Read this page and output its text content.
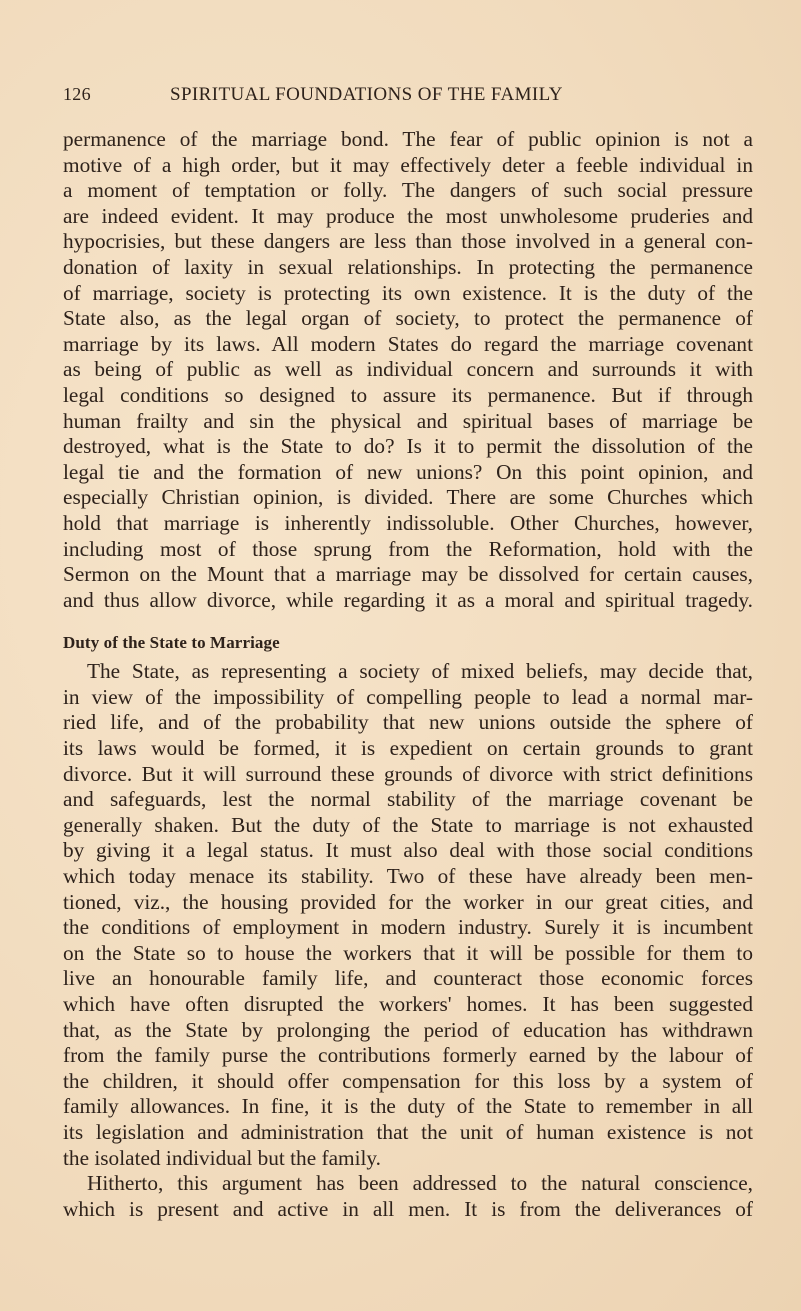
126	SPIRITUAL FOUNDATIONS OF THE FAMILY

permanence of the marriage bond. The fear of public opinion is not a
motive of a high order, but it may effectively deter a feeble individual in
a moment of temptation or folly. The dangers of such social pressure
are indeed evident. It may produce the most unwholesome pruderies and
hypocrisies, but these dangers are less than those involved in a general con-
donation of laxity in sexual relationships. In protecting the permanence
of marriage, society is protecting its own existence. It is the duty of the
State also, as the legal organ of society, to protect the permanence of
marriage by its laws. All modern States do regard the marriage covenant
as being of public as well as individual concern and surrounds it with
legal conditions so designed to assure its permanence. But if through
human frailty and sin the physical and spiritual bases of marriage be
destroyed, what is the State to do? Is it to permit the dissolution of the
legal tie and the formation of new unions? On this point opinion, and
especially Christian opinion, is divided. There are some Churches which
hold that marriage is inherently indissoluble. Other Churches, however,
including most of those sprung from the Reformation, hold with the
Sermon on the Mount that a marriage may be dissolved for certain causes,
and thus allow divorce, while regarding it as a moral and spiritual tragedy.

Duty of the State to Marriage

The State, as representing a society of mixed beliefs, may decide that,
in view of the impossibility of compelling people to lead a normal mar-
ried life, and of the probability that new unions outside the sphere of
its laws would be formed, it is expedient on certain grounds to grant
divorce. But it will surround these grounds of divorce with strict definitions
and safeguards, lest the normal stability of the marriage covenant be
generally shaken. But the duty of the State to marriage is not exhausted
by giving it a legal status. It must also deal with those social conditions
which today menace its stability. Two of these have already been men-
tioned, viz., the housing provided for the worker in our great cities, and
the conditions of employment in modern industry. Surely it is incumbent
on the State so to house the workers that it will be possible for them to
live an honourable family life, and counteract those economic forces
which have often disrupted the workers' homes. It has been suggested
that, as the State by prolonging the period of education has withdrawn
from the family purse the contributions formerly earned by the labour of
the children, it should offer compensation for this loss by a system of
family allowances. In fine, it is the duty of the State to remember in all
its legislation and administration that the unit of human existence is not
the isolated individual but the family.

Hitherto, this argument has been addressed to the natural conscience,
which is present and active in all men. It is from the deliverances of
